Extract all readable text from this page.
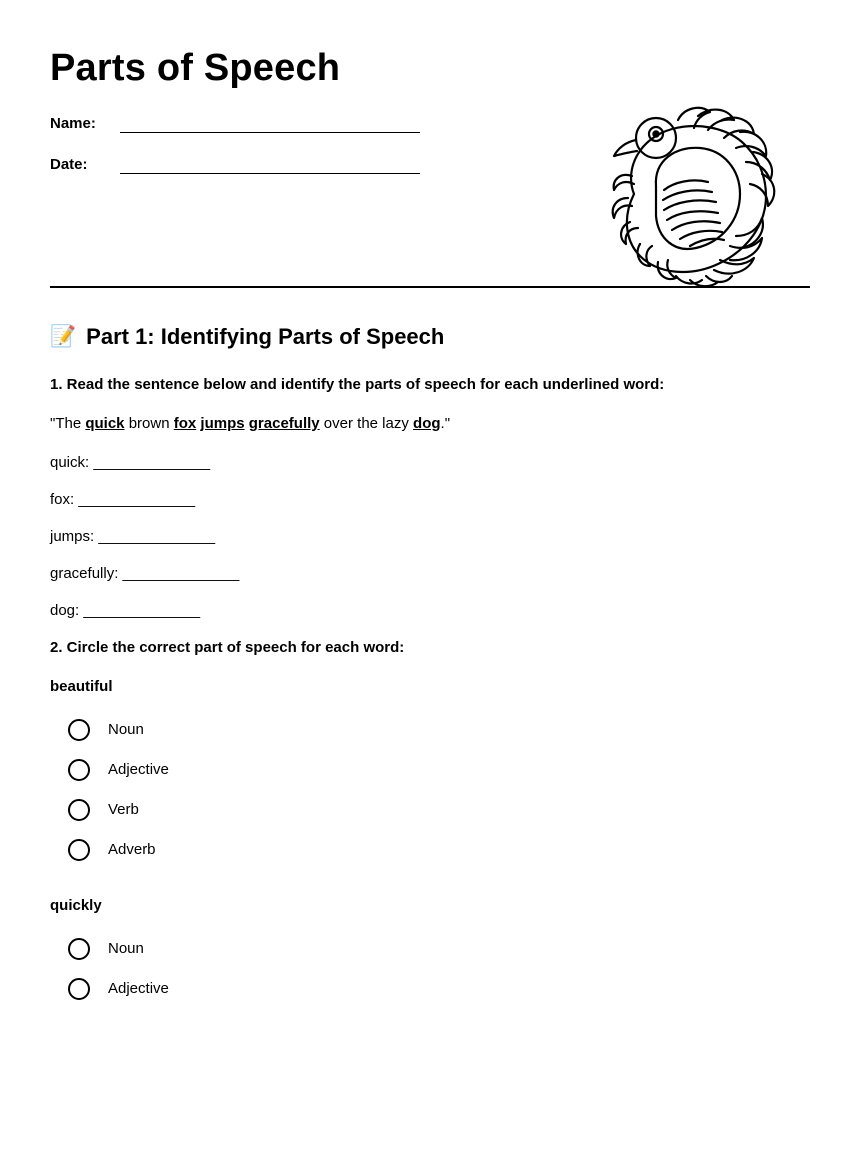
Parts of Speech
Name:
Date:
📝 Part 1: Identifying Parts of Speech

1. Read the sentence below and identify the parts of speech for each underlined word:

"The quick brown fox jumps gracefully over the lazy dog."

quick: ______________

fox: ______________

jumps: ______________

gracefully: ______________

dog: ______________

2. Circle the correct part of speech for each word:

beautiful

Noun
Adjective
Verb
Adverb

quickly

Noun
Adjective
